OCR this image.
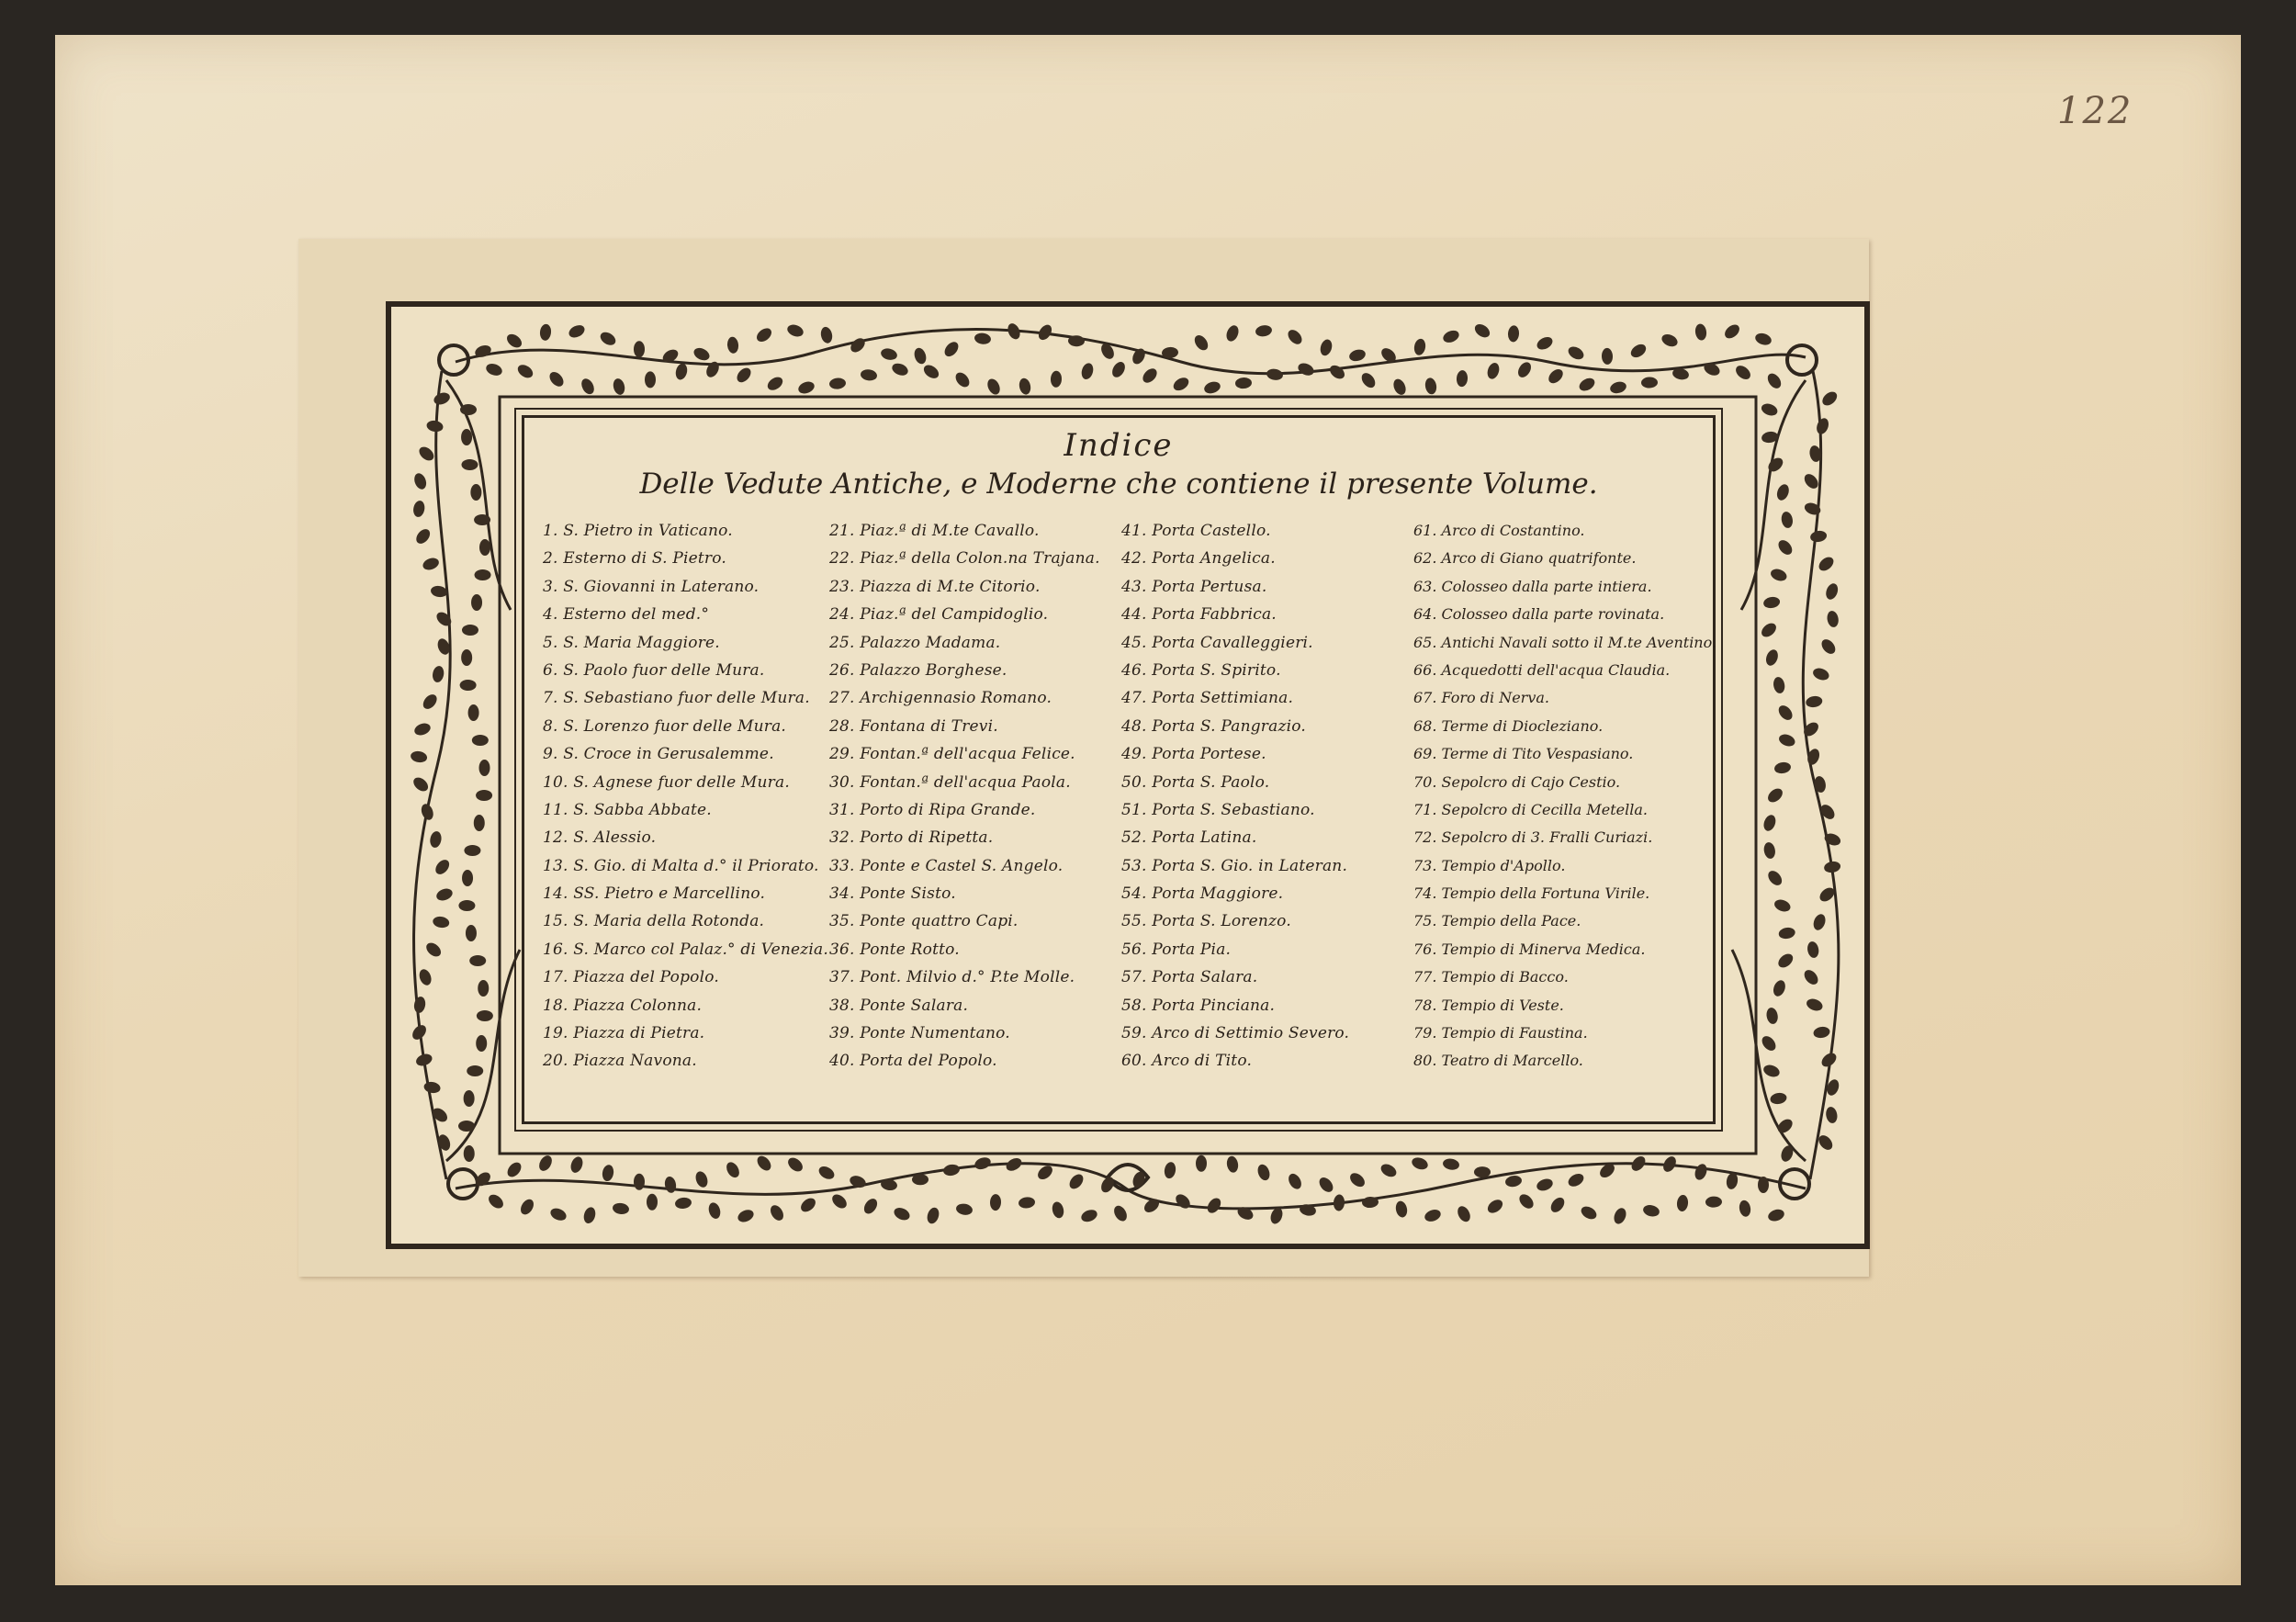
122
Indice
Delle Vedute Antiche, e Moderne che contiene il presente Volume.
1. S. Pietro in Vaticano.
2. Esterno di S. Pietro.
3. S. Giovanni in Laterano.
4. Esterno del med.°
5. S. Maria Maggiore.
6. S. Paolo fuor delle Mura.
7. S. Sebastiano fuor delle Mura.
8. S. Lorenzo fuor delle Mura.
9. S. Croce in Gerusalemme.
10. S. Agnese fuor delle Mura.
11. S. Sabba Abbate.
12. S. Alessio.
13. S. Gio. di Malta d.° il Priorato.
14. SS. Pietro e Marcellino.
15. S. Maria della Rotonda.
16. S. Marco col Palaz.° di Venezia.
17. Piazza del Popolo.
18. Piazza Colonna.
19. Piazza di Pietra.
20. Piazza Navona.
21. Piaz.ª di M.te Cavallo.
22. Piaz.ª della Colon.na Trajana.
23. Piazza di M.te Citorio.
24. Piaz.ª del Campidoglio.
25. Palazzo Madama.
26. Palazzo Borghese.
27. Archigennasio Romano.
28. Fontana di Trevi.
29. Fontan.ª dell'acqua Felice.
30. Fontan.ª dell'acqua Paola.
31. Porto di Ripa Grande.
32. Porto di Ripetta.
33. Ponte e Castel S. Angelo.
34. Ponte Sisto.
35. Ponte quattro Capi.
36. Ponte Rotto.
37. Pont. Milvio d.° P.te Molle.
38. Ponte Salara.
39. Ponte Numentano.
40. Porta del Popolo.
41. Porta Castello.
42. Porta Angelica.
43. Porta Pertusa.
44. Porta Fabbrica.
45. Porta Cavalleggieri.
46. Porta S. Spirito.
47. Porta Settimiana.
48. Porta S. Pangrazio.
49. Porta Portese.
50. Porta S. Paolo.
51. Porta S. Sebastiano.
52. Porta Latina.
53. Porta S. Gio. in Lateran.
54. Porta Maggiore.
55. Porta S. Lorenzo.
56. Porta Pia.
57. Porta Salara.
58. Porta Pinciana.
59. Arco di Settimio Severo.
60. Arco di Tito.
61. Arco di Costantino.
62. Arco di Giano quatrifonte.
63. Colosseo dalla parte intiera.
64. Colosseo dalla parte rovinata.
65. Antichi Navali sotto il M.te Aventino.
66. Acquedotti dell'acqua Claudia.
67. Foro di Nerva.
68. Terme di Diocleziano.
69. Terme di Tito Vespasiano.
70. Sepolcro di Cajo Cestio.
71. Sepolcro di Cecilla Metella.
72. Sepolcro di 3. Fralli Curiazi.
73. Tempio d'Apollo.
74. Tempio della Fortuna Virile.
75. Tempio della Pace.
76. Tempio di Minerva Medica.
77. Tempio di Bacco.
78. Tempio di Veste.
79. Tempio di Faustina.
80. Teatro di Marcello.
